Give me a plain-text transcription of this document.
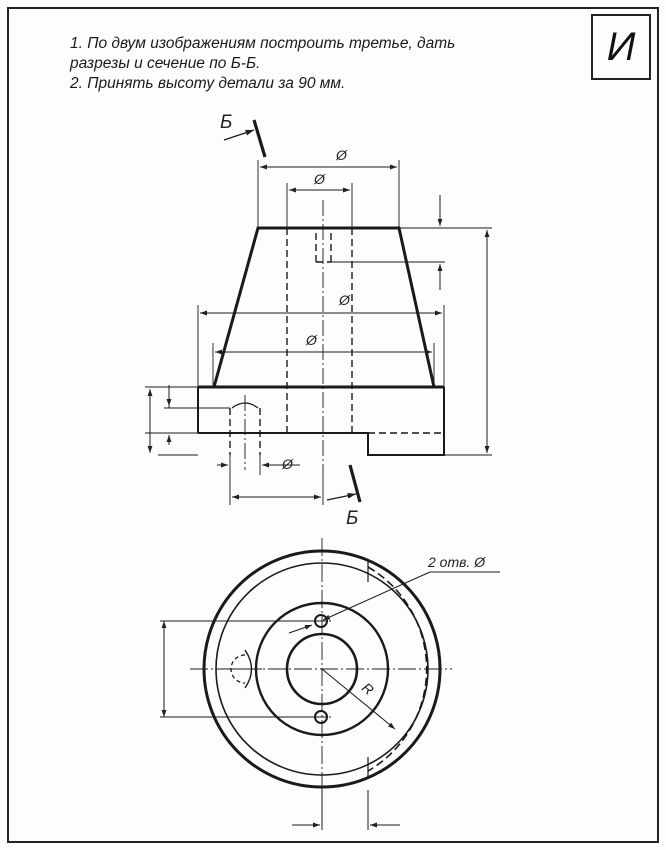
Б
Б
Ø
Ø
Ø
Ø
Ø
2 отв. Ø
R

1. По двум изображениям построить третье, дать

разрезы и сечение по Б-Б.

2. Принять высоту детали за 90 мм.

И
